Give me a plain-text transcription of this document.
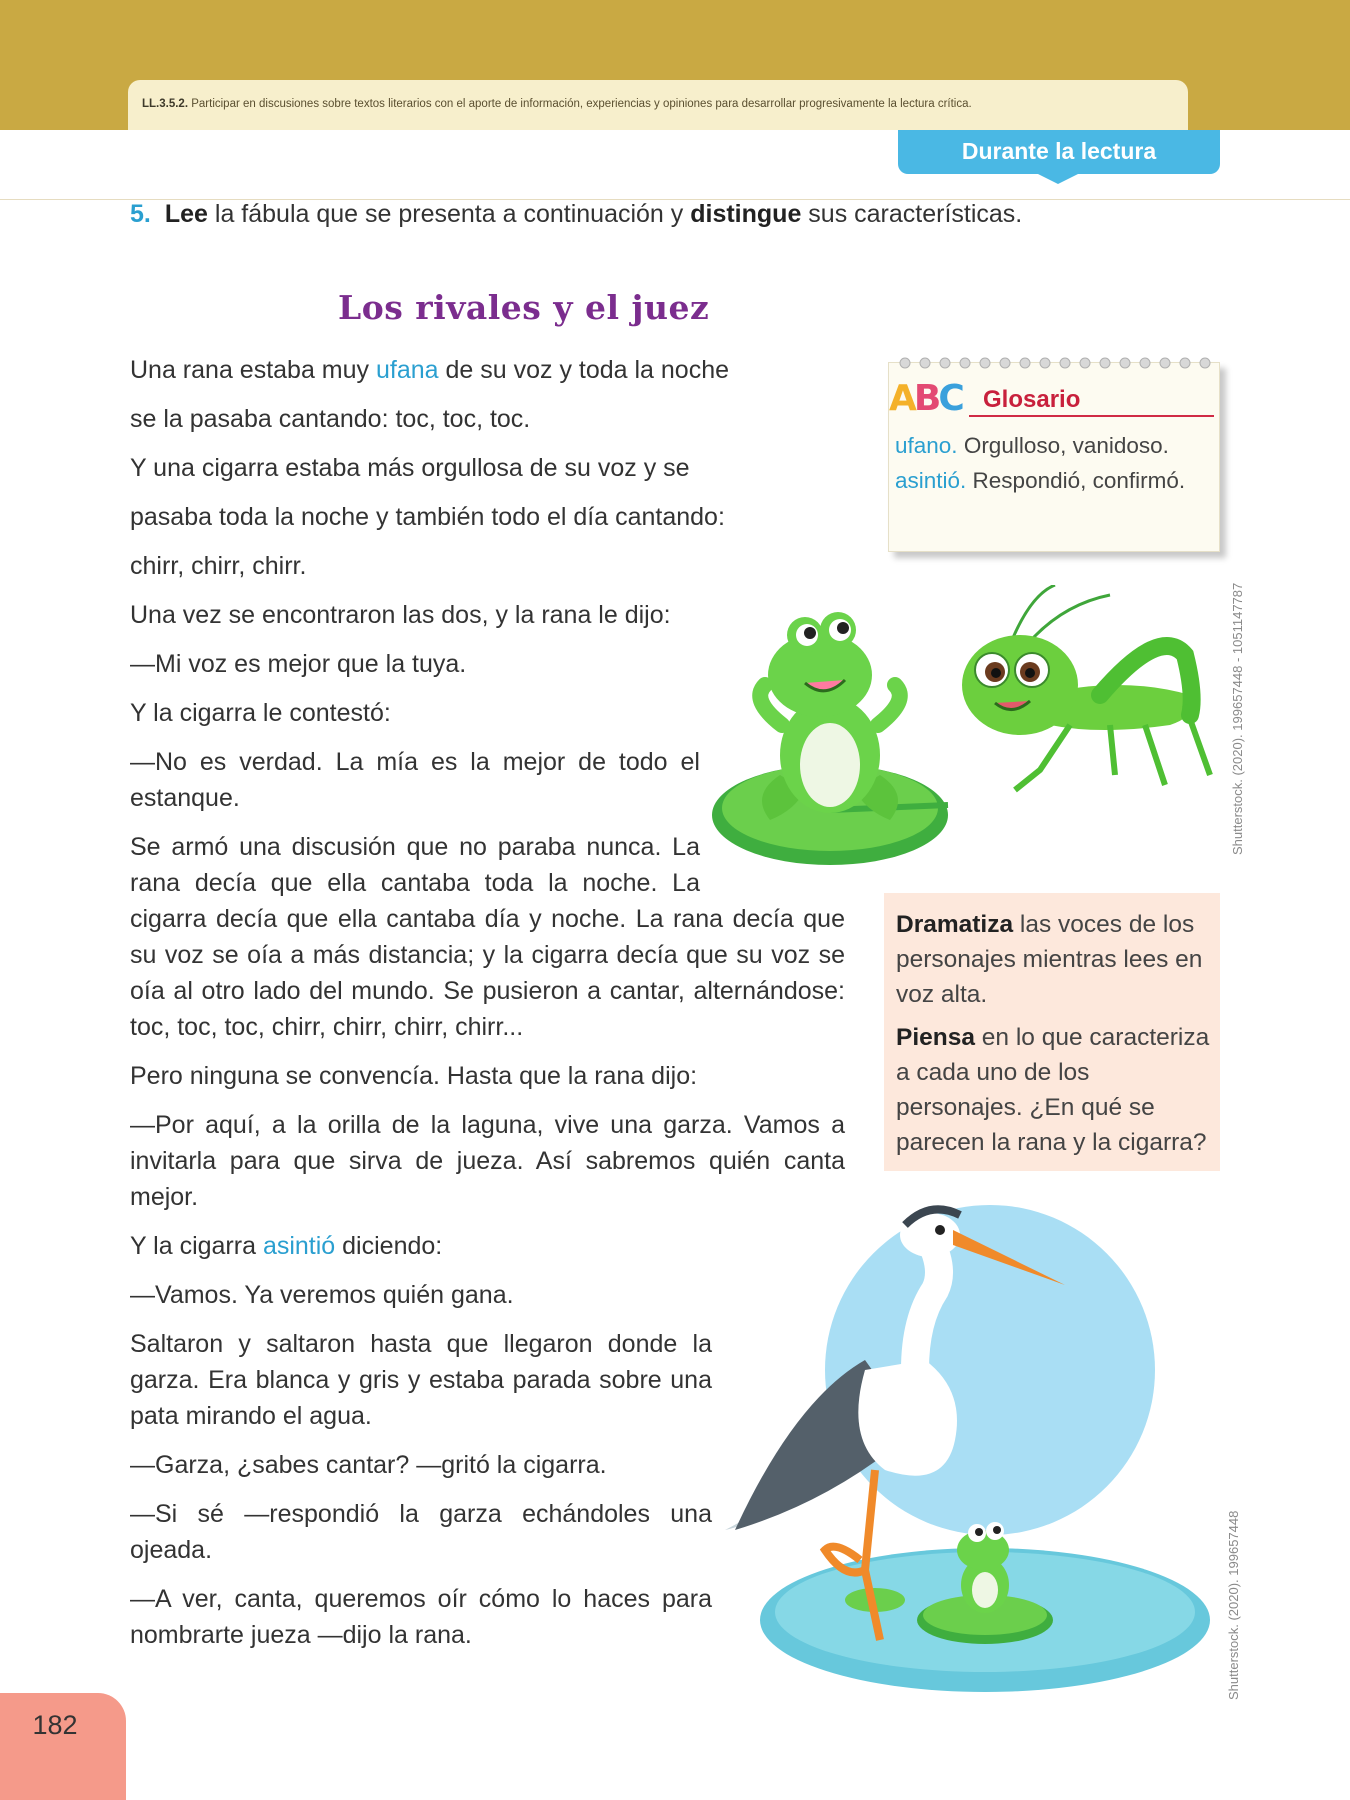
LL.3.5.2. Participar en discusiones sobre textos literarios con el aporte de información, experiencias y opiniones para desarrollar progresivamente la lectura crítica.
Durante la lectura
5. Lee la fábula que se presenta a continuación y distingue sus características.
Los rivales y el juez

Una rana estaba muy ufana de su voz y toda la noche

se la pasaba cantando: toc, toc, toc.

Y una cigarra estaba más orgullosa de su voz y se

pasaba toda la noche y también todo el día cantando:

chirr, chirr, chirr.

Una vez se encontraron las dos, y la rana le dijo:

—Mi voz es mejor que la tuya.

Y la cigarra le contestó:

—No es verdad. La mía es la mejor de todo el estanque.

Se armó una discusión que no paraba nunca. La rana decía que ella cantaba toda la noche. La
cigarra decía que ella cantaba día y noche. La rana decía que su voz se oía a más distancia; y la cigarra decía que su voz se oía al otro lado del mundo. Se pusieron a cantar, alternándose: toc, toc, toc, chirr, chirr, chirr, chirr...

Pero ninguna se convencía. Hasta que la rana dijo:

—Por aquí, a la orilla de la laguna, vive una garza. Vamos a invitarla para que sirva de jueza. Así sabremos quién canta mejor.

Y la cigarra asintió diciendo:

—Vamos. Ya veremos quién gana.

Saltaron y saltaron hasta que llegaron donde la garza. Era blanca y gris y estaba parada sobre una pata mirando el agua.

—Garza, ¿sabes cantar? —gritó la cigarra.

—Si sé —respondió la garza echándoles una ojeada.

—A ver, canta, queremos oír cómo lo haces para nombrarte jueza —dijo la rana.

ABC Glosario
ufano. Orgulloso, vanidoso.
asintió. Respondió, confirmó.
Shutterstock. (2020). 199657448 - 1051147787
Shutterstock. (2020). 199657448

Dramatiza las voces de los personajes mientras lees en voz alta.

Piensa en lo que caracteriza a cada uno de los personajes. ¿En qué se parecen la rana y la cigarra?

182
